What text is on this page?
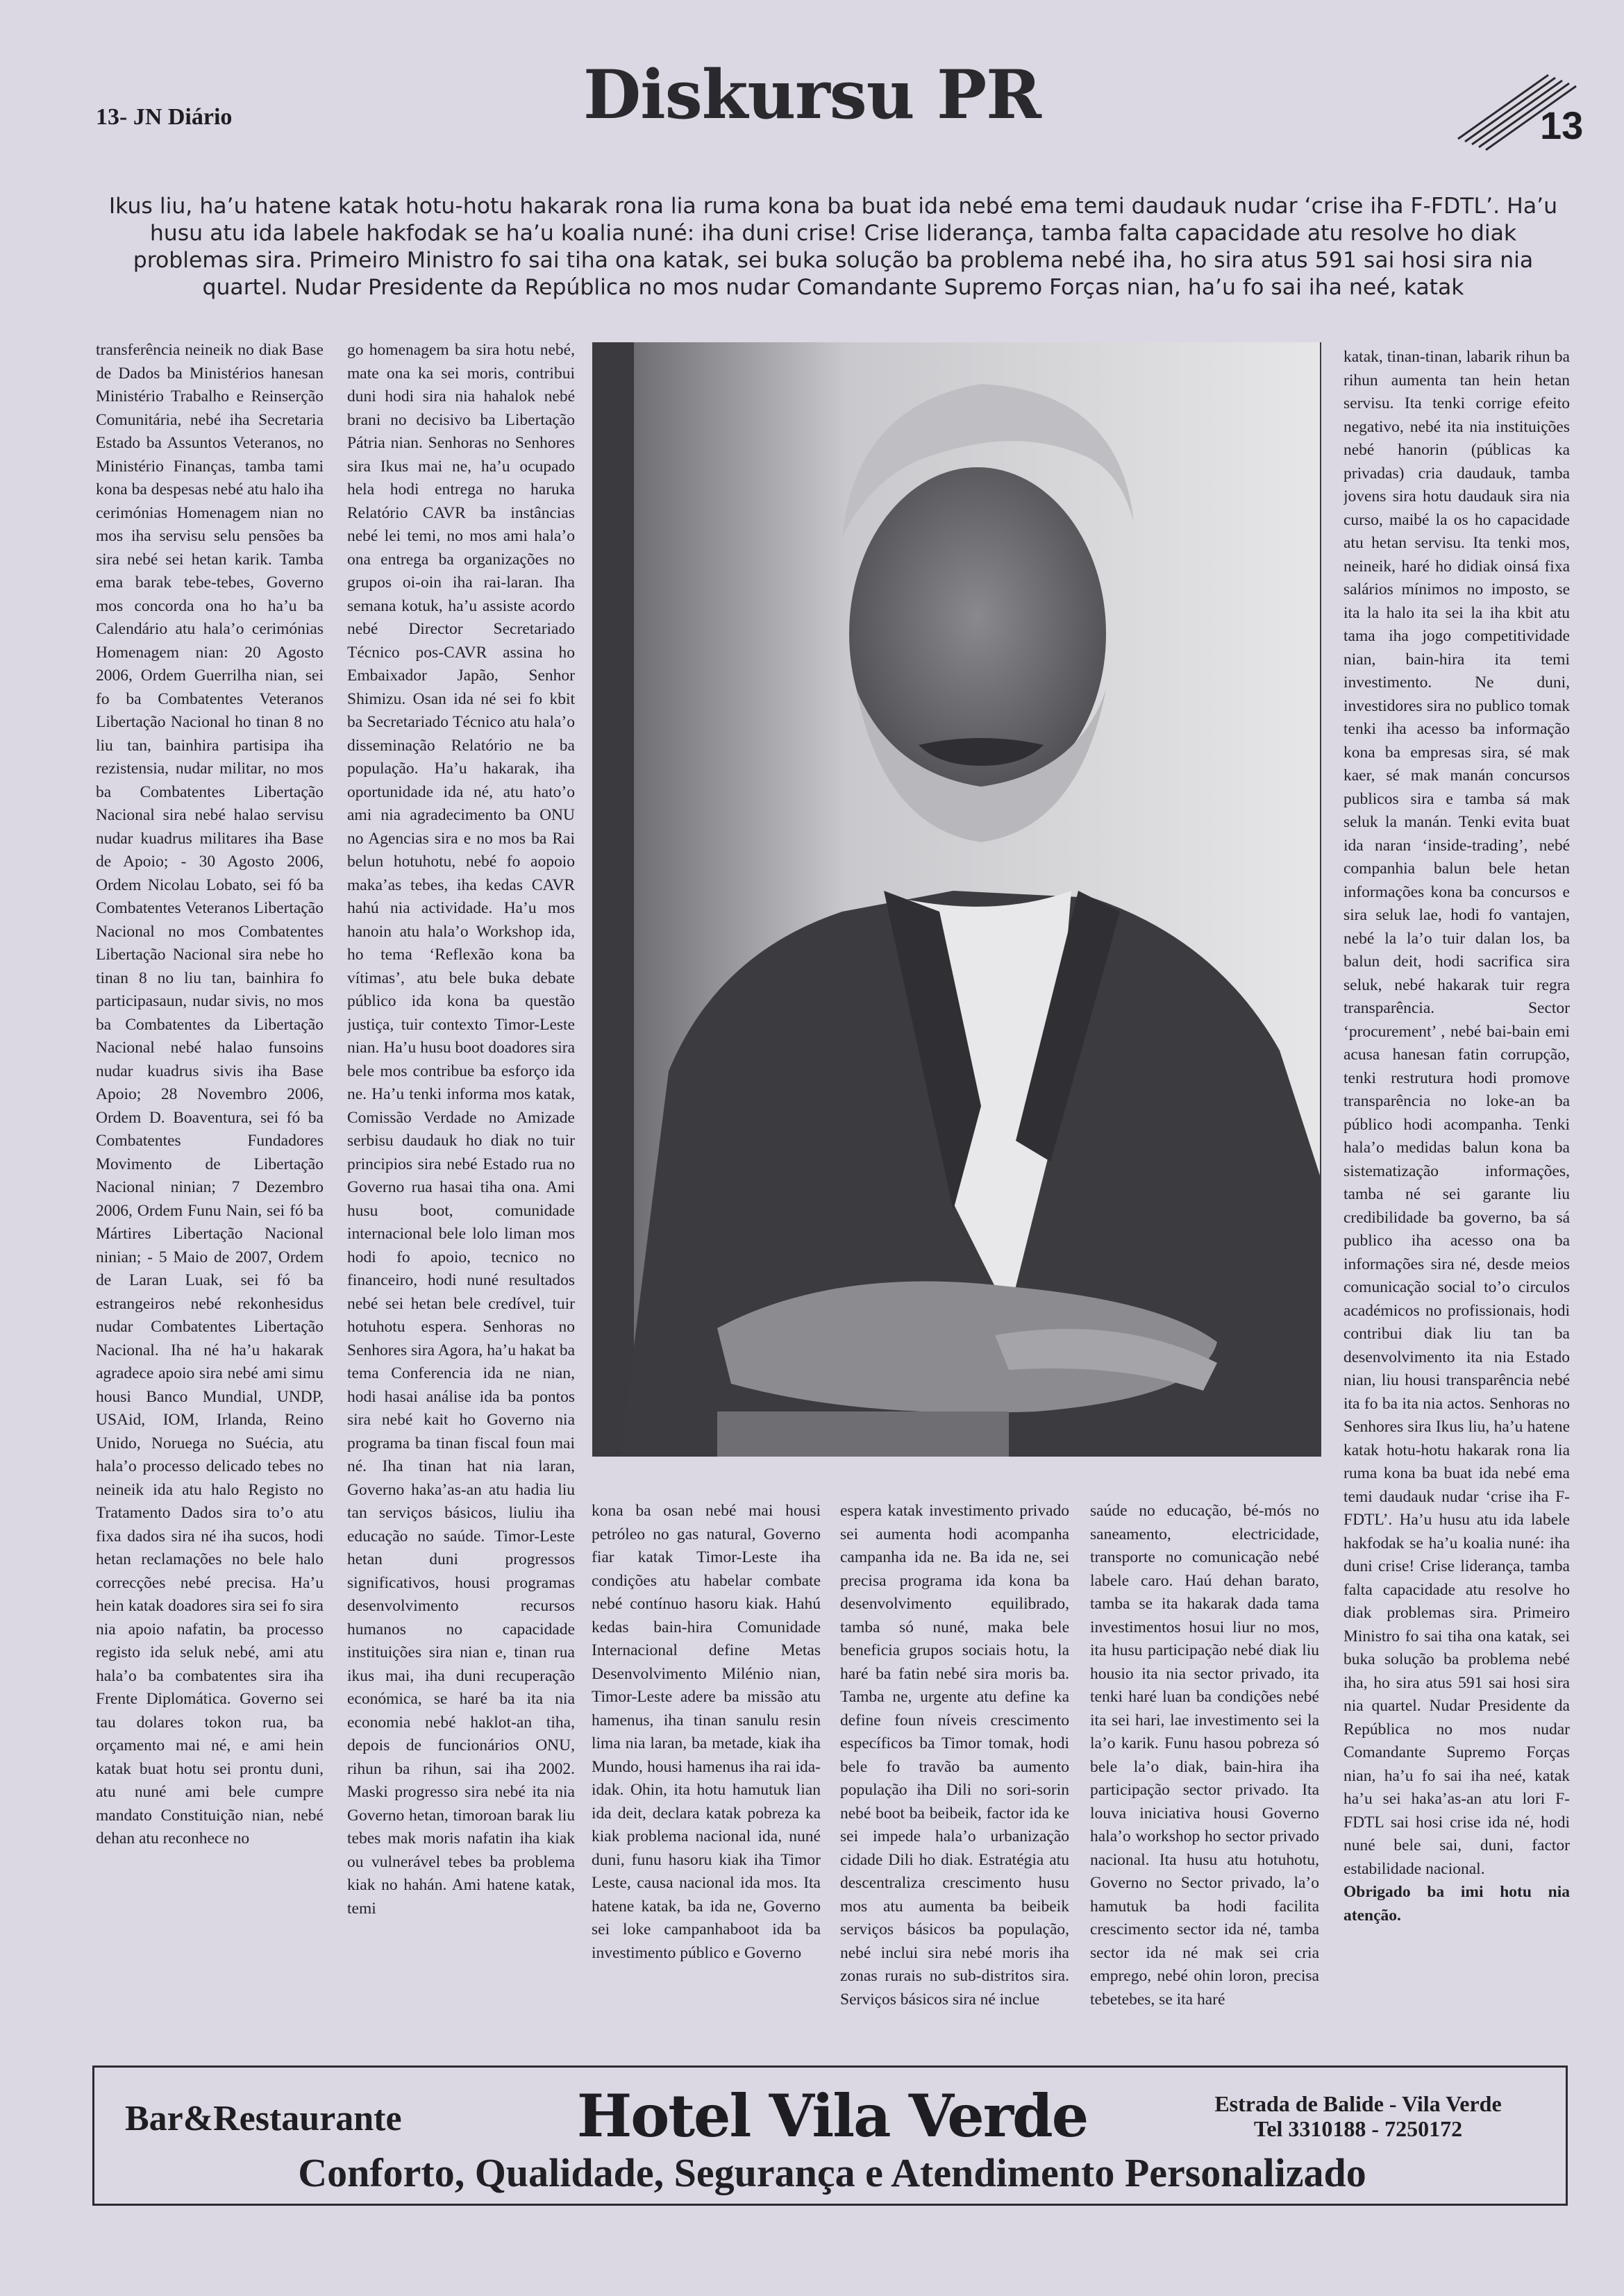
13- JN Diário	Diskursu PR	13
Ikus liu, ha’u hatene katak hotu-hotu hakarak rona lia ruma kona ba buat ida nebé ema temi daudauk nudar ‘crise iha F-FDTL’. Ha’u husu atu ida labele hakfodak se ha’u koalia nuné: iha duni crise! Crise liderança, tamba falta capacidade atu resolve ho diak problemas sira. Primeiro Ministro fo sai tiha ona katak, sei buka solução ba problema nebé iha, ho sira atus 591 sai hosi sira nia quartel. Nudar Presidente da República no mos nudar Comandante Supremo Forças nian, ha’u fo sai iha neé, katak

transferência neineik no diak Base de Dados ba Ministérios hanesan Ministério Trabalho e Reinserção Comunitária, nebé iha Secretaria Estado ba Assuntos Veteranos, no Ministério Finanças, tamba tami kona ba despesas nebé atu halo iha cerimónias Homenagem nian no mos iha servisu selu pensões ba sira nebé sei hetan karik. Tamba ema barak tebe-tebes, Governo mos concorda ona ho ha’u ba Calendário atu hala’o cerimónias Homenagem nian: 20 Agosto 2006, Ordem Guerrilha nian, sei fo ba Combatentes Veteranos Libertação Nacional ho tinan 8 no liu tan, bainhira partisipa iha rezistensia, nudar militar, no mos ba Combatentes Libertação Nacional sira nebé halao servisu nudar kuadrus militares iha Base de Apoio; - 30 Agosto 2006, Ordem Nicolau Lobato, sei fó ba Combatentes Veteranos Libertação Nacional no mos Combatentes Libertação Nacional sira nebe ho tinan 8 no liu tan, bainhira fo participasaun, nudar sivis, no mos ba Combatentes da Libertação Nacional nebé halao funsoins nudar kuadrus sivis iha Base Apoio; 28 Novembro 2006, Ordem D. Boaventura, sei fó ba Combatentes Fundadores Movimento de Libertação Nacional ninian; 7 Dezembro 2006, Ordem Funu Nain, sei fó ba Mártires Libertação Nacional ninian; - 5 Maio de 2007, Ordem de Laran Luak, sei fó ba estrangeiros nebé rekonhesidus nudar Combatentes Libertação Nacional. Iha né ha’u hakarak agradece apoio sira nebé ami simu housi Banco Mundial, UNDP, USAid, IOM, Irlanda, Reino Unido, Noruega no Suécia, atu hala’o processo delicado tebes no neineik ida atu halo Registo no Tratamento Dados sira to’o atu fixa dados sira né iha sucos, hodi hetan reclamações no bele halo correcções nebé precisa. Ha’u hein katak doadores sira sei fo sira nia apoio nafatin, ba processo registo ida seluk nebé, ami atu hala’o ba combatentes sira iha Frente Diplomática. Governo sei tau dolares tokon rua, ba orçamento mai né, e ami hein katak buat hotu sei prontu duni, atu nuné ami bele cumpre mandato Constituição nian, nebé dehan atu reconhece no

go homenagem ba sira hotu nebé, mate ona ka sei moris, contribui duni hodi sira nia hahalok nebé brani no decisivo ba Libertação Pátria nian. Senhoras no Senhores sira Ikus mai ne, ha’u ocupado hela hodi entrega no haruka Relatório CAVR ba instâncias nebé lei temi, no mos ami hala’o ona entrega ba organizações no grupos oi-oin iha rai-laran. Iha semana kotuk, ha’u assiste acordo nebé Director Secretariado Técnico pos-CAVR assina ho Embaixador Japão, Senhor Shimizu. Osan ida né sei fo kbit ba Secretariado Técnico atu hala’o disseminação Relatório ne ba população. Ha’u hakarak, iha oportunidade ida né, atu hato’o ami nia agradecimento ba ONU no Agencias sira e no mos ba Rai belun hotuhotu, nebé fo aopoio maka’as tebes, iha kedas CAVR hahú nia actividade. Ha’u mos hanoin atu hala’o Workshop ida, ho tema ‘Reflexão kona ba vítimas’, atu bele buka debate público ida kona ba questão justiça, tuir contexto Timor-Leste nian. Ha’u husu boot doadores sira bele mos contribue ba esforço ida ne. Ha’u tenki informa mos katak, Comissão Verdade no Amizade serbisu daudauk ho diak no tuir principios sira nebé Estado rua no Governo rua hasai tiha ona. Ami husu boot, comunidade internacional bele lolo liman mos hodi fo apoio, tecnico no financeiro, hodi nuné resultados nebé sei hetan bele credível, tuir hotuhotu espera. Senhoras no Senhores sira Agora, ha’u hakat ba tema Conferencia ida ne nian, hodi hasai análise ida ba pontos sira nebé kait ho Governo nia programa ba tinan fiscal foun mai né. Iha tinan hat nia laran, Governo haka’as-an atu hadia liu tan serviços básicos, liuliu iha educação no saúde. Timor-Leste hetan duni progressos significativos, housi programas desenvolvimento recursos humanos no capacidade instituições sira nian e, tinan rua ikus mai, iha duni recuperação económica, se haré ba ita nia economia nebé haklot-an tiha, depois de funcionários ONU, rihun ba rihun, sai iha 2002. Maski progresso sira nebé ita nia Governo hetan, timoroan barak liu tebes mak moris nafatin iha kiak ou vulnerável tebes ba problema kiak no hahán. Ami hatene katak, temi

kona ba osan nebé mai housi petróleo no gas natural, Governo fiar katak Timor-Leste iha condições atu habelar combate nebé contínuo hasoru kiak. Hahú kedas bain-hira Comunidade Internacional define Metas Desenvolvimento Milénio nian, Timor-Leste adere ba missão atu hamenus, iha tinan sanulu resin lima nia laran, ba metade, kiak iha Mundo, housi hamenus iha rai ida-idak. Ohin, ita hotu hamutuk lian ida deit, declara katak pobreza ka kiak problema nacional ida, nuné duni, funu hasoru kiak iha Timor Leste, causa nacional ida mos. Ita hatene katak, ba ida ne, Governo sei loke campanhaboot ida ba investimento público e Governo

espera katak investimento privado sei aumenta hodi acompanha campanha ida ne. Ba ida ne, sei precisa programa ida kona ba desenvolvimento equilibrado, tamba só nuné, maka bele beneficia grupos sociais hotu, la haré ba fatin nebé sira moris ba. Tamba ne, urgente atu define ka define foun níveis crescimento específicos ba Timor tomak, hodi bele fo travão ba aumento população iha Dili no sori-sorin nebé boot ba beibeik, factor ida ke sei impede hala’o urbanização cidade Dili ho diak. Estratégia atu descentraliza crescimento husu mos atu aumenta ba beibeik serviços básicos ba população, nebé inclui sira nebé moris iha zonas rurais no sub-distritos sira. Serviços básicos sira né inclue

saúde no educação, bé-mós no saneamento, electricidade, transporte no comunicação nebé labele caro. Haú dehan barato, tamba se ita hakarak dada tama investimentos hosui liur no mos, ita husu participação nebé diak liu housio ita nia sector privado, ita tenki haré luan ba condições nebé ita sei hari, lae investimento sei la la’o karik. Funu hasou pobreza só bele la’o diak, bain-hira iha participação sector privado. Ita louva iniciativa housi Governo hala’o workshop ho sector privado nacional. Ita husu atu hotuhotu, Governo no Sector privado, la’o hamutuk ba hodi facilita crescimento sector ida né, tamba sector ida né mak sei cria emprego, nebé ohin loron, precisa tebetebes, se ita haré

katak, tinan-tinan, labarik rihun ba rihun aumenta tan hein hetan servisu. Ita tenki corrige efeito negativo, nebé ita nia instituições nebé hanorin (públicas ka privadas) cria daudauk, tamba jovens sira hotu daudauk sira nia curso, maibé la os ho capacidade atu hetan servisu. Ita tenki mos, neineik, haré ho didiak oinsá fixa salários mínimos no imposto, se ita la halo ita sei la iha kbit atu tama iha jogo competitividade nian, bain-hira ita temi investimento. Ne duni, investidores sira no publico tomak tenki iha acesso ba informação kona ba empresas sira, sé mak kaer, sé mak manán concursos publicos sira e tamba sá mak seluk la manán. Tenki evita buat ida naran ‘inside-trading’, nebé companhia balun bele hetan informações kona ba concursos e sira seluk lae, hodi fo vantajen, nebé la la’o tuir dalan los, ba balun deit, hodi sacrifica sira seluk, nebé hakarak tuir regra transparência. Sector ‘procurement’ , nebé bai-bain emi acusa hanesan fatin corrupção, tenki restrutura hodi promove transparência no loke-an ba público hodi acompanha. Tenki hala’o medidas balun kona ba sistematização informações, tamba né sei garante liu credibilidade ba governo, ba sá publico iha acesso ona ba informações sira né, desde meios comunicação social to’o circulos académicos no profissionais, hodi contribui diak liu tan ba desenvolvimento ita nia Estado nian, liu housi transparência nebé ita fo ba ita nia actos. Senhoras no Senhores sira Ikus liu, ha’u hatene katak hotu-hotu hakarak rona lia ruma kona ba buat ida nebé ema temi daudauk nudar ‘crise iha F-FDTL’. Ha’u husu atu ida labele hakfodak se ha’u koalia nuné: iha duni crise! Crise liderança, tamba falta capacidade atu resolve ho diak problemas sira. Primeiro Ministro fo sai tiha ona katak, sei buka solução ba problema nebé iha, ho sira atus 591 sai hosi sira nia quartel. Nudar Presidente da República no mos nudar Comandante Supremo Forças nian, ha’u fo sai iha neé, katak ha’u sei haka’as-an atu lori F-FDTL sai hosi crise ida né, hodi nuné bele sai, duni, factor estabilidade nacional.

Obrigado ba imi hotu nia atenção.

Bar&Restaurante	Hotel Vila Verde	Estrada de Balide - Vila Verde
Tel 3310188 - 7250172
Conforto, Qualidade, Segurança e Atendimento Personalizado
